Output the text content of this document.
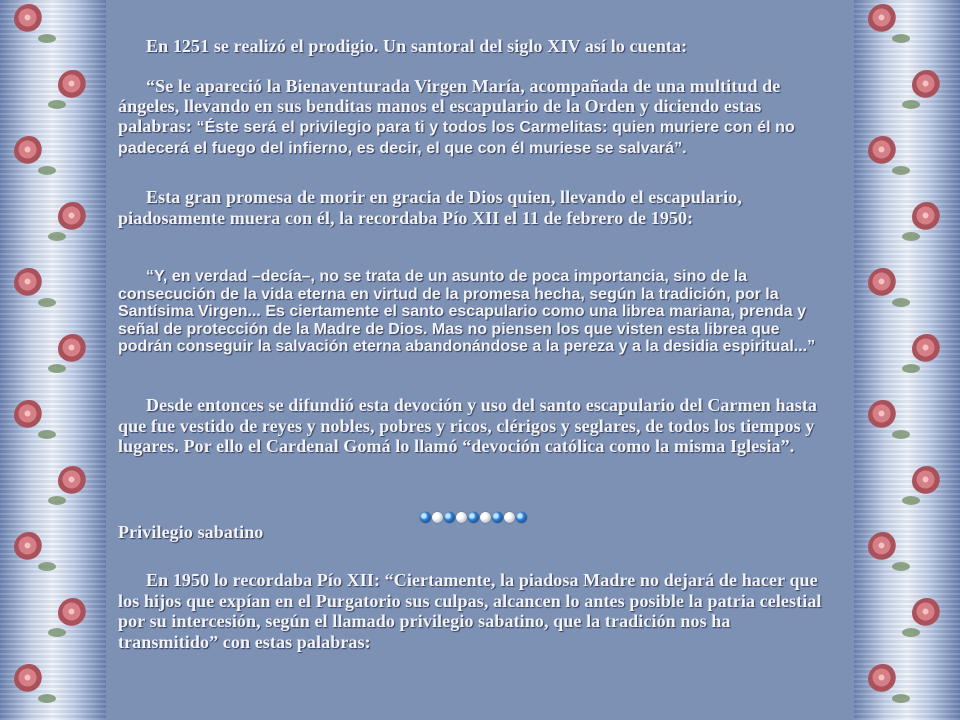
En 1251 se realizó el prodigio. Un santoral del siglo XIV así lo cuenta:

“Se le apareció la Bienaventurada Virgen María, acompañada de una multitud de ángeles, llevando en sus benditas manos el escapulario de la Orden y diciendo estas palabras: “Éste será el privilegio para ti y todos los Carmelitas: quien muriere con él no padecerá el fuego del infierno, es decir, el que con él muriese se salvará”.

Esta gran promesa de morir en gracia de Dios quien, llevando el escapulario, piadosamente muera con él, la recordaba Pío XII el 11 de febrero de 1950:

“Y, en verdad –decía–, no se trata de un asunto de poca importancia, sino de la consecución de la vida eterna en virtud de la promesa hecha, según la tradición, por la Santísima Virgen... Es ciertamente el santo escapulario como una librea mariana, prenda y señal de protección de la Madre de Dios. Mas no piensen los que visten esta librea que podrán conseguir la salvación eterna abandonándose a la pereza y a la desidia espiritual...”

Desde entonces se difundió esta devoción y uso del santo escapulario del Carmen hasta que fue vestido de reyes y nobles, pobres y ricos, clérigos y seglares, de todos los tiempos y lugares. Por ello el Cardenal Gomá lo llamó “devoción católica como la misma Iglesia”.

Privilegio sabatino

En 1950 lo recordaba Pío XII: “Ciertamente, la piadosa Madre no dejará de hacer que los hijos que expían en el Purgatorio sus culpas, alcancen lo antes posible la patria celestial por su intercesión, según el llamado privilegio sabatino, que la tradición nos ha transmitido” con estas palabras:
